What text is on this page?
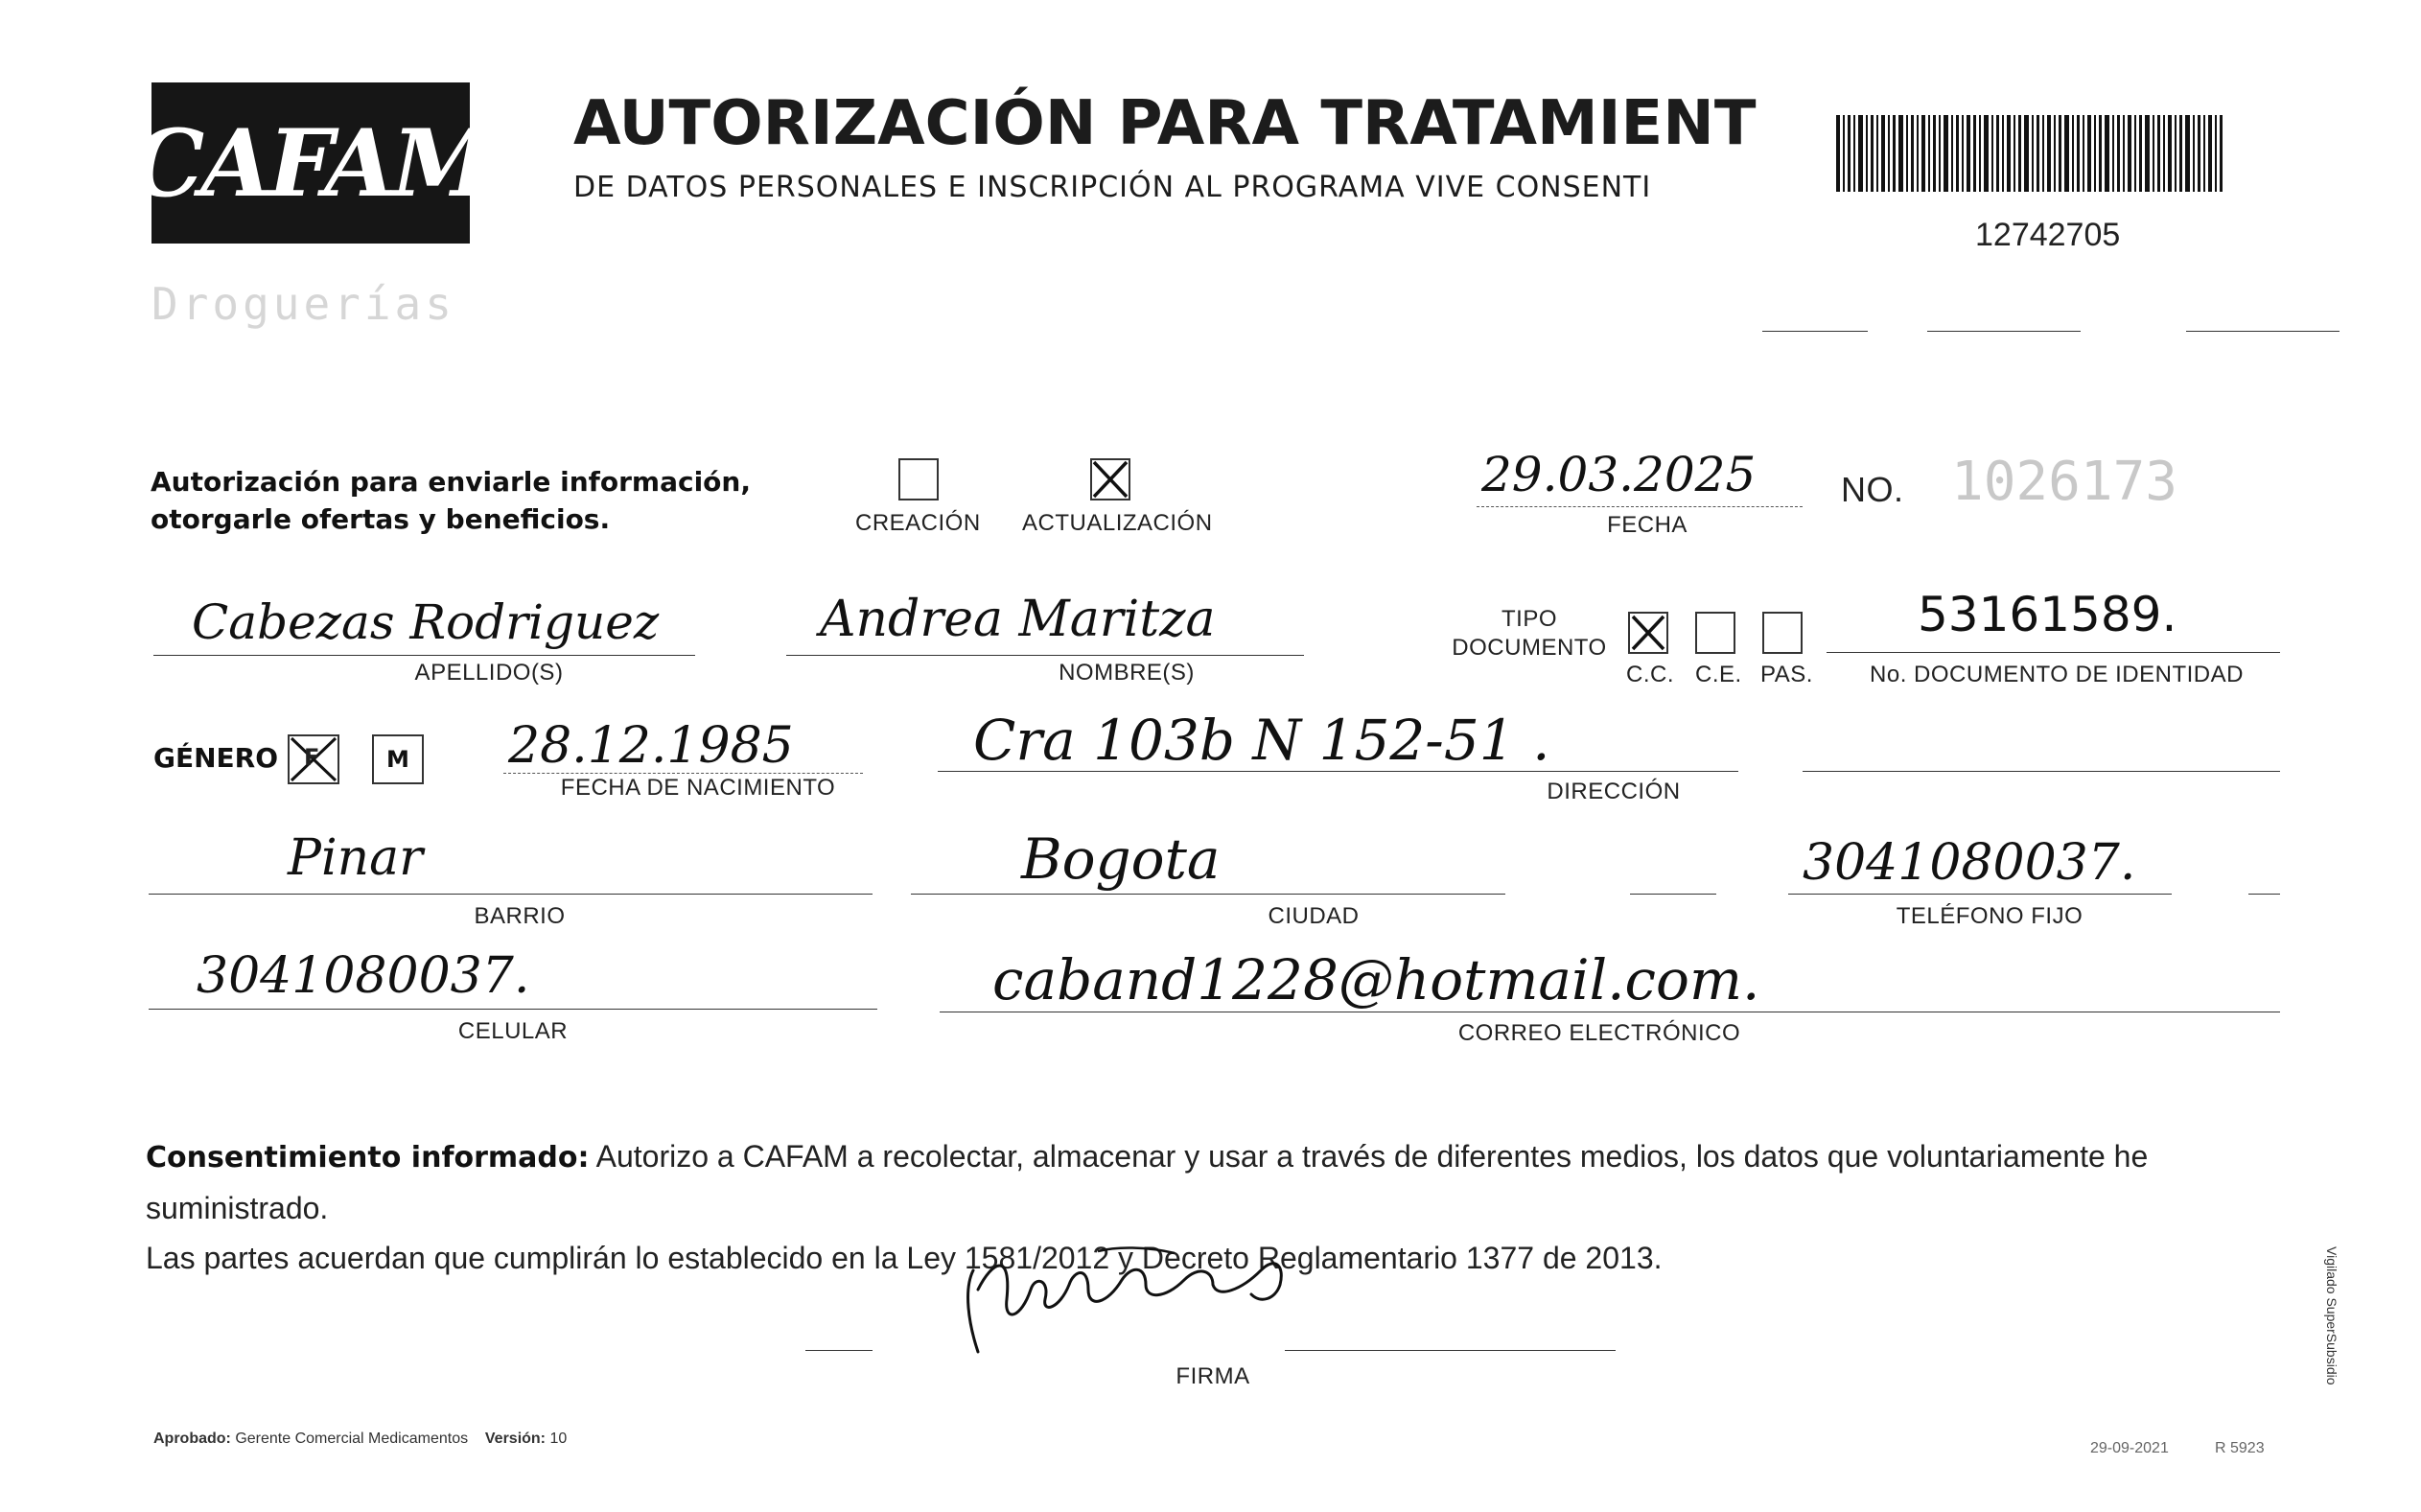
CAFAM
Droguerías
AUTORIZACIÓN PARA TRATAMIENT
DE DATOS PERSONALES E INSCRIPCIÓN AL PROGRAMA VIVE CONSENTI
12742705
Autorización para enviarle información,
otorgarle ofertas y beneficios.	CREACIÓN ACTUALIZACIÓN
29.03.2025
FECHA
NO. 1026173
Cabezas Rodriguez
APELLIDO(S)
Andrea Maritza
NOMBRE(S)
TIPO
DOCUMENTO
C.C. C.E. PAS.
53161589.
No. DOCUMENTO DE IDENTIDAD
GÉNERO F	M 28.12.1985
FECHA DE NACIMIENTO
Cra 103b N 152-51 .
DIRECCIÓN
Pinar
BARRIO
Bogota
CIUDAD
3041080037.
TELÉFONO FIJO
3041080037.
CELULAR
caband1228@hotmail.com.
CORREO ELECTRÓNICO
Consentimiento informado: Autorizo a CAFAM a recolectar, almacenar y usar a través de diferentes medios, los datos que voluntariamente he suministrado.
Las partes acuerdan que cumplirán lo establecido en la Ley 1581/2012 y Decreto Reglamentario 1377 de 2013.
FIRMA
Aprobado: Gerente Comercial Medicamentos Versión: 10
29-09-2021	R 5923
Vigilado SuperSubsidio
